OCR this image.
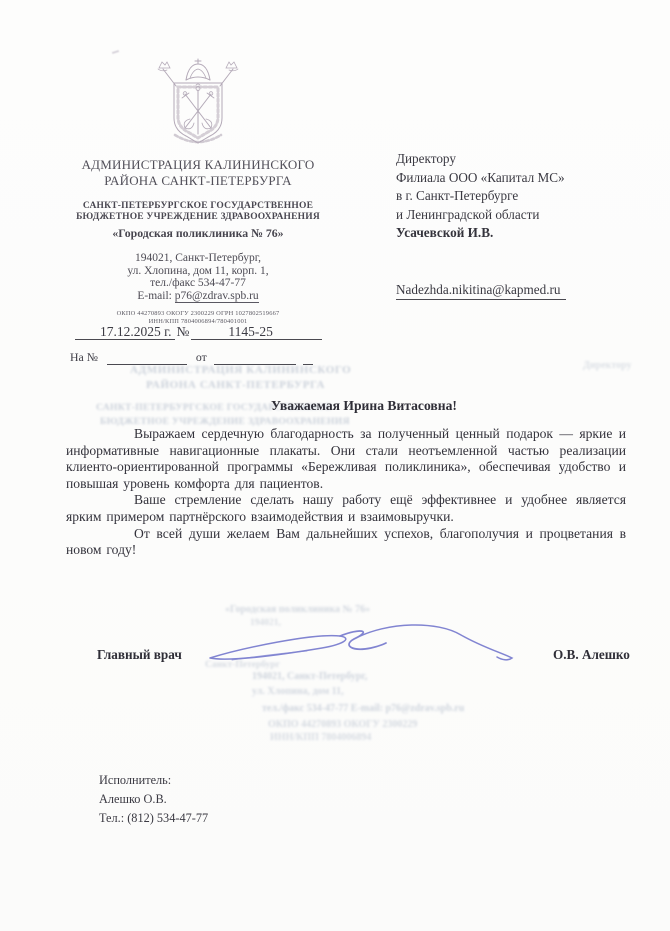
АДМИНИСТРАЦИЯ КАЛИНИНСКОГО
РАЙОНА САНКТ-ПЕТЕРБУРГА
САНКТ-ПЕТЕРБУРГСКОЕ ГОСУДАРСТВЕННОЕ
БЮДЖЕТНОЕ УЧРЕЖДЕНИЕ ЗДРАВООХРАНЕНИЯ
«Городская поликлиника № 76»
194021, Санкт-Петербург,
ул. Хлопина, дом 11, корп. 1,
тел./факс 534-47-77
E-mail: p76@zdrav.spb.ru
ОКПО 44270893 ОКОГУ 2300229 ОГРН 1027802519667
ИНН/КПП 7804006894/780401001
17.12.2025 г. №	1145-25
На №	от
Директору
Филиала ООО «Капитал МС»
в г. Санкт-Петербурге
и Ленинградской области
Усачевской И.В.
Nadezhda.nikitina@kapmed.ru
АДМИНИСТРАЦИЯ КАЛИНИНСКОГО
РАЙОНА САНКТ-ПЕТЕРБУРГА
САНКТ-ПЕТЕРБУРГСКОЕ ГОСУДАРСТВЕННОЕ
БЮДЖЕТНОЕ УЧРЕЖДЕНИЕ ЗДРАВООХРАНЕНИЯ
Директору
«Городская поликлиника № 76»
194021,
Санкт-Петербург
194021, Санкт-Петербург,
ул. Хлопина, дом 11,
тел./факс 534-47-77 E-mail: p76@zdrav.spb.ru
ОКПО 44270893 ОКОГУ 2300229
ИНН/КПП 7804006894
Уважаемая Ирина Витасовна!

Выражаем сердечную благодарность за полученный ценный подарок — яркие и информативные навигационные плакаты. Они стали неотъемленной частью реализации клиенто-ориентированной программы «Бережливая поликлиника», обеспечивая удобство и повышая уровень комфорта для пациентов.

Ваше стремление сделать нашу работу ещё эффективнее и удобнее является ярким примером партнёрского взаимодействия и взаимовыручки.

От всей души желаем Вам дальнейших успехов, благополучия и процветания в новом году!

Главный врач	О.В. Алешко
Исполнитель:
Алешко О.В.
Тел.: (812) 534-47-77
